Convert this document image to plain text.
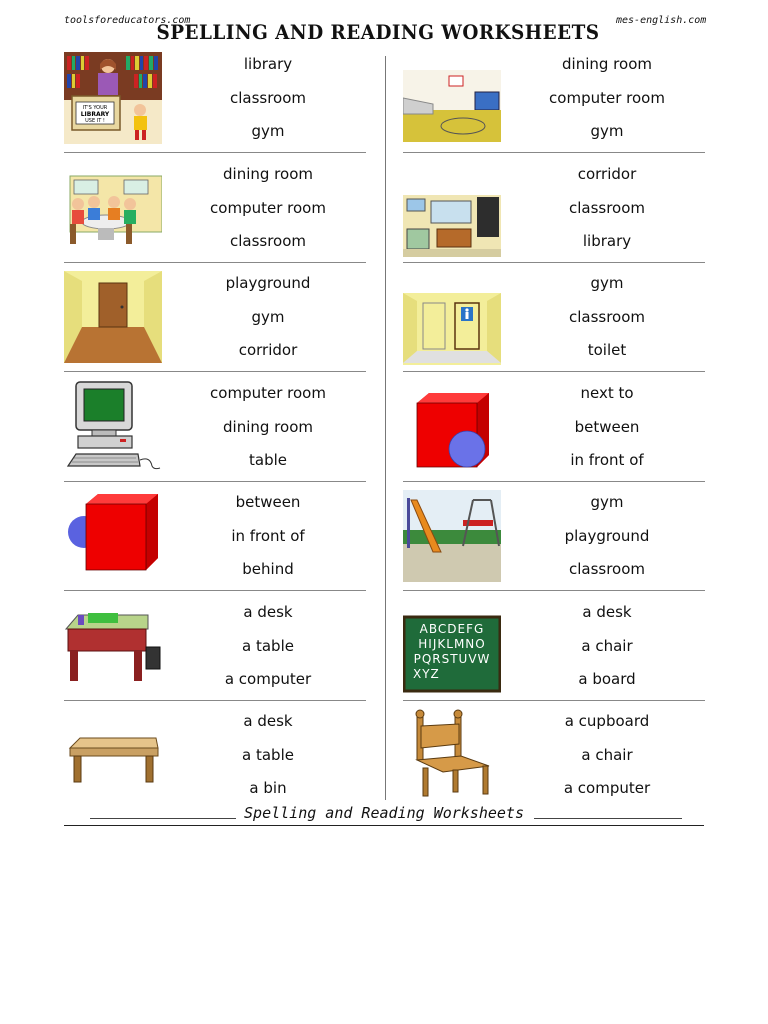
toolsforeducators.com	mes-english.com
SPELLING AND READING WORKSHEETS
IT'S YOUR
LIBRARY
USE IT !
library
classroom
gym
dining room
computer room
classroom
playground
gym
corridor
computer room
dining room
table
between
in front of
behind
a desk
a table
a computer
a desk
a table
a bin
dining room
computer room
gym
corridor
classroom
library
gym
classroom
toilet
next to
between
in front of
gym
playground
classroom
ABCDEFG
HIJKLMNO
PQRSTUVW
XYZ
a desk
a chair
a board
a cupboard
a chair
a computer
Spelling and Reading Worksheets
